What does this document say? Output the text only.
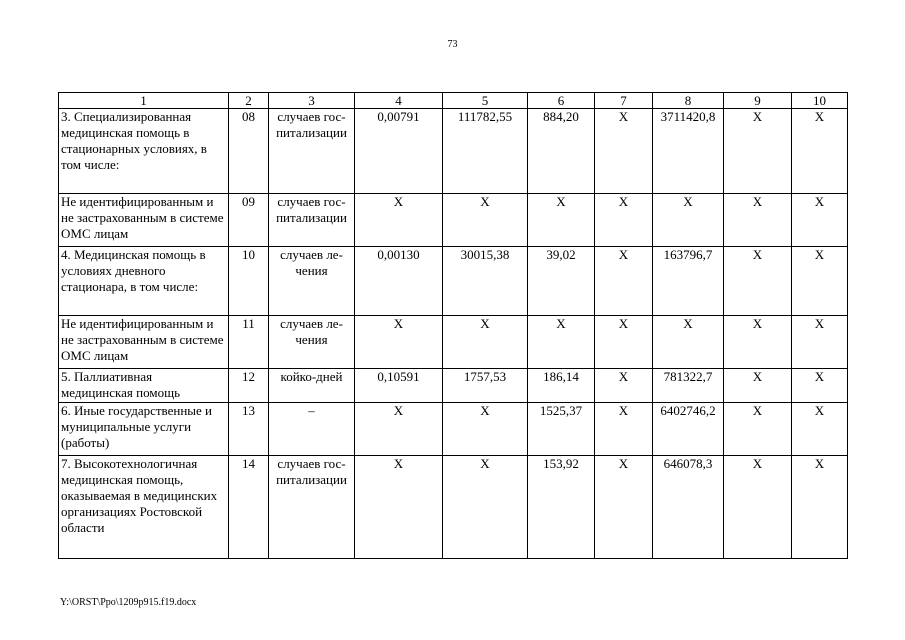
73
1	2	3	4	5	6	7	8	9	10
3. Специализированная медицинская помощь в стационарных условиях, в том числе:	08	случаев гос-питализации	0,00791	111782,55	884,20	Х	3711420,8	Х	Х
Не идентифицированным и не застрахованным в системе ОМС лицам	09	случаев гос-питализации	Х	Х	Х	Х	Х	Х	Х
4. Медицинская помощь в условиях дневного стационара, в том числе:	10	случаев ле-чения	0,00130	30015,38	39,02	Х	163796,7	Х	Х
Не идентифицированным и не застрахованным в системе ОМС лицам	11	случаев ле-чения	Х	Х	Х	Х	Х	Х	Х
5. Паллиативная медицинская помощь	12	койко-дней	0,10591	1757,53	186,14	Х	781322,7	Х	Х
6. Иные государственные и муниципальные услуги (работы)	13	–	Х	Х	1525,37	Х	6402746,2	Х	Х
7. Высокотехнологичная медицинская помощь, оказываемая в медицинских организациях Ростовской области	14	случаев гос-питализации	Х	Х	153,92	Х	646078,3	Х	Х
Y:\ORST\Ppo\1209p915.f19.docx
